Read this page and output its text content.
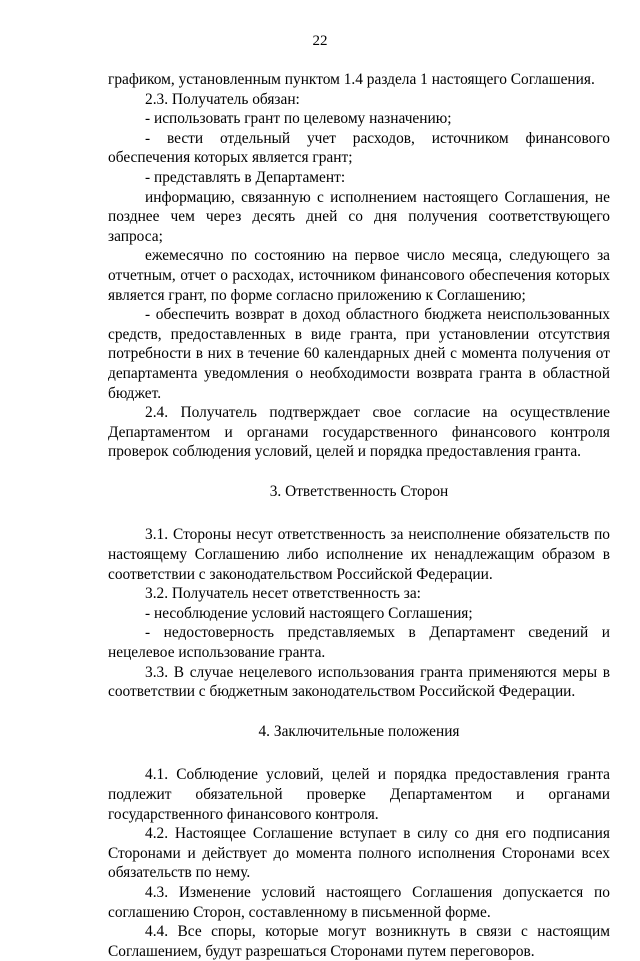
22

графиком, установленным пунктом 1.4 раздела 1 настоящего Соглашения.

2.3. Получатель обязан:

- использовать грант по целевому назначению;

- вести отдельный учет расходов, источником финансового обеспечения которых является грант;

- представлять в Департамент:

информацию, связанную с исполнением настоящего Соглашения, не позднее чем через десять дней со дня получения соответствующего запроса;

ежемесячно по состоянию на первое число месяца, следующего за отчетным, отчет о расходах, источником финансового обеспечения которых является грант, по форме согласно приложению к Соглашению;

- обеспечить возврат в доход областного бюджета неиспользованных средств, предоставленных в виде гранта, при установлении отсутствия потребности в них в течение 60 календарных дней с момента получения от департамента уведомления о необходимости возврата гранта в областной бюджет.

2.4. Получатель подтверждает свое согласие на осуществление Департаментом и органами государственного финансового контроля проверок соблюдения условий, целей и порядка предоставления гранта.

3. Ответственность Сторон

3.1. Стороны несут ответственность за неисполнение обязательств по настоящему Соглашению либо исполнение их ненадлежащим образом в соответствии с законодательством Российской Федерации.

3.2. Получатель несет ответственность за:

- несоблюдение условий настоящего Соглашения;

- недостоверность представляемых в Департамент сведений и нецелевое использование гранта.

3.3. В случае нецелевого использования гранта применяются меры в соответствии с бюджетным законодательством Российской Федерации.

4. Заключительные положения

4.1. Соблюдение условий, целей и порядка предоставления гранта подлежит обязательной проверке Департаментом и органами государственного финансового контроля.

4.2. Настоящее Соглашение вступает в силу со дня его подписания Сторонами и действует до момента полного исполнения Сторонами всех обязательств по нему.

4.3. Изменение условий настоящего Соглашения допускается по соглашению Сторон, составленному в письменной форме.

4.4. Все споры, которые могут возникнуть в связи с настоящим Соглашением, будут разрешаться Сторонами путем переговоров.
